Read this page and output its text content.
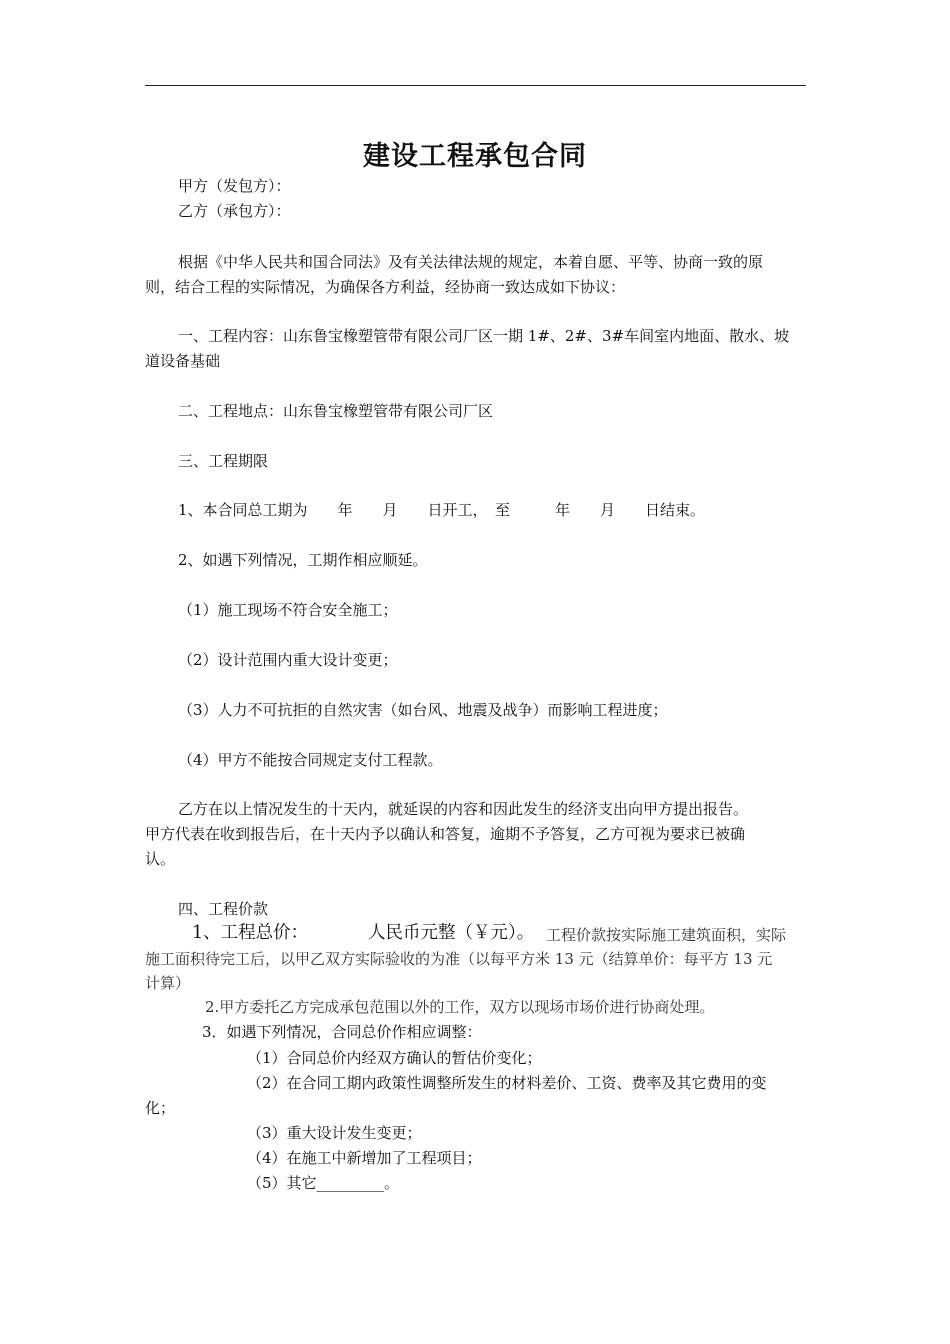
建设工程承包合同
甲方（发包方）：
乙方（承包方）：
根据《中华人民共和国合同法》及有关法律法规的规定，本着自愿、平等、协商一致的原
则，结合工程的实际情况，为确保各方利益，经协商一致达成如下协议：
一、工程内容：山东鲁宝橡塑管带有限公司厂区一期 1#、2#、3#车间室内地面、散水、坡
道设备基础
二、工程地点：山东鲁宝橡塑管带有限公司厂区
三、工程期限
1、本合同总工期为　　年　　月　　日开工，　至　　　年　　月　　日结束。
2、如遇下列情况，工期作相应顺延。
（1）施工现场不符合安全施工；
（2）设计范围内重大设计变更；
（3）人力不可抗拒的自然灾害（如台风、地震及战争）而影响工程进度；
（4）甲方不能按合同规定支付工程款。
乙方在以上情况发生的十天内，就延误的内容和因此发生的经济支出向甲方提出报告。
甲方代表在收到报告后，在十天内予以确认和答复，逾期不予答复，乙方可视为要求已被确
认。
四、工程价款
1、工程总价：	人民币元整（￥元）。 工程价款按实际施工建筑面积，实际
施工面积待完工后，以甲乙双方实际验收的为准（以每平方米 13 元（结算单价：每平方 13 元
计算）
2.甲方委托乙方完成承包范围以外的工作，双方以现场市场价进行协商处理。
3．如遇下列情况，合同总价作相应调整：
（1）合同总价内经双方确认的暂估价变化；
（2）在合同工期内政策性调整所发生的材料差价、工资、费率及其它费用的变
化；
（3）重大设计发生变更；
（4）在施工中新增加了工程项目；
（5）其它_________。
